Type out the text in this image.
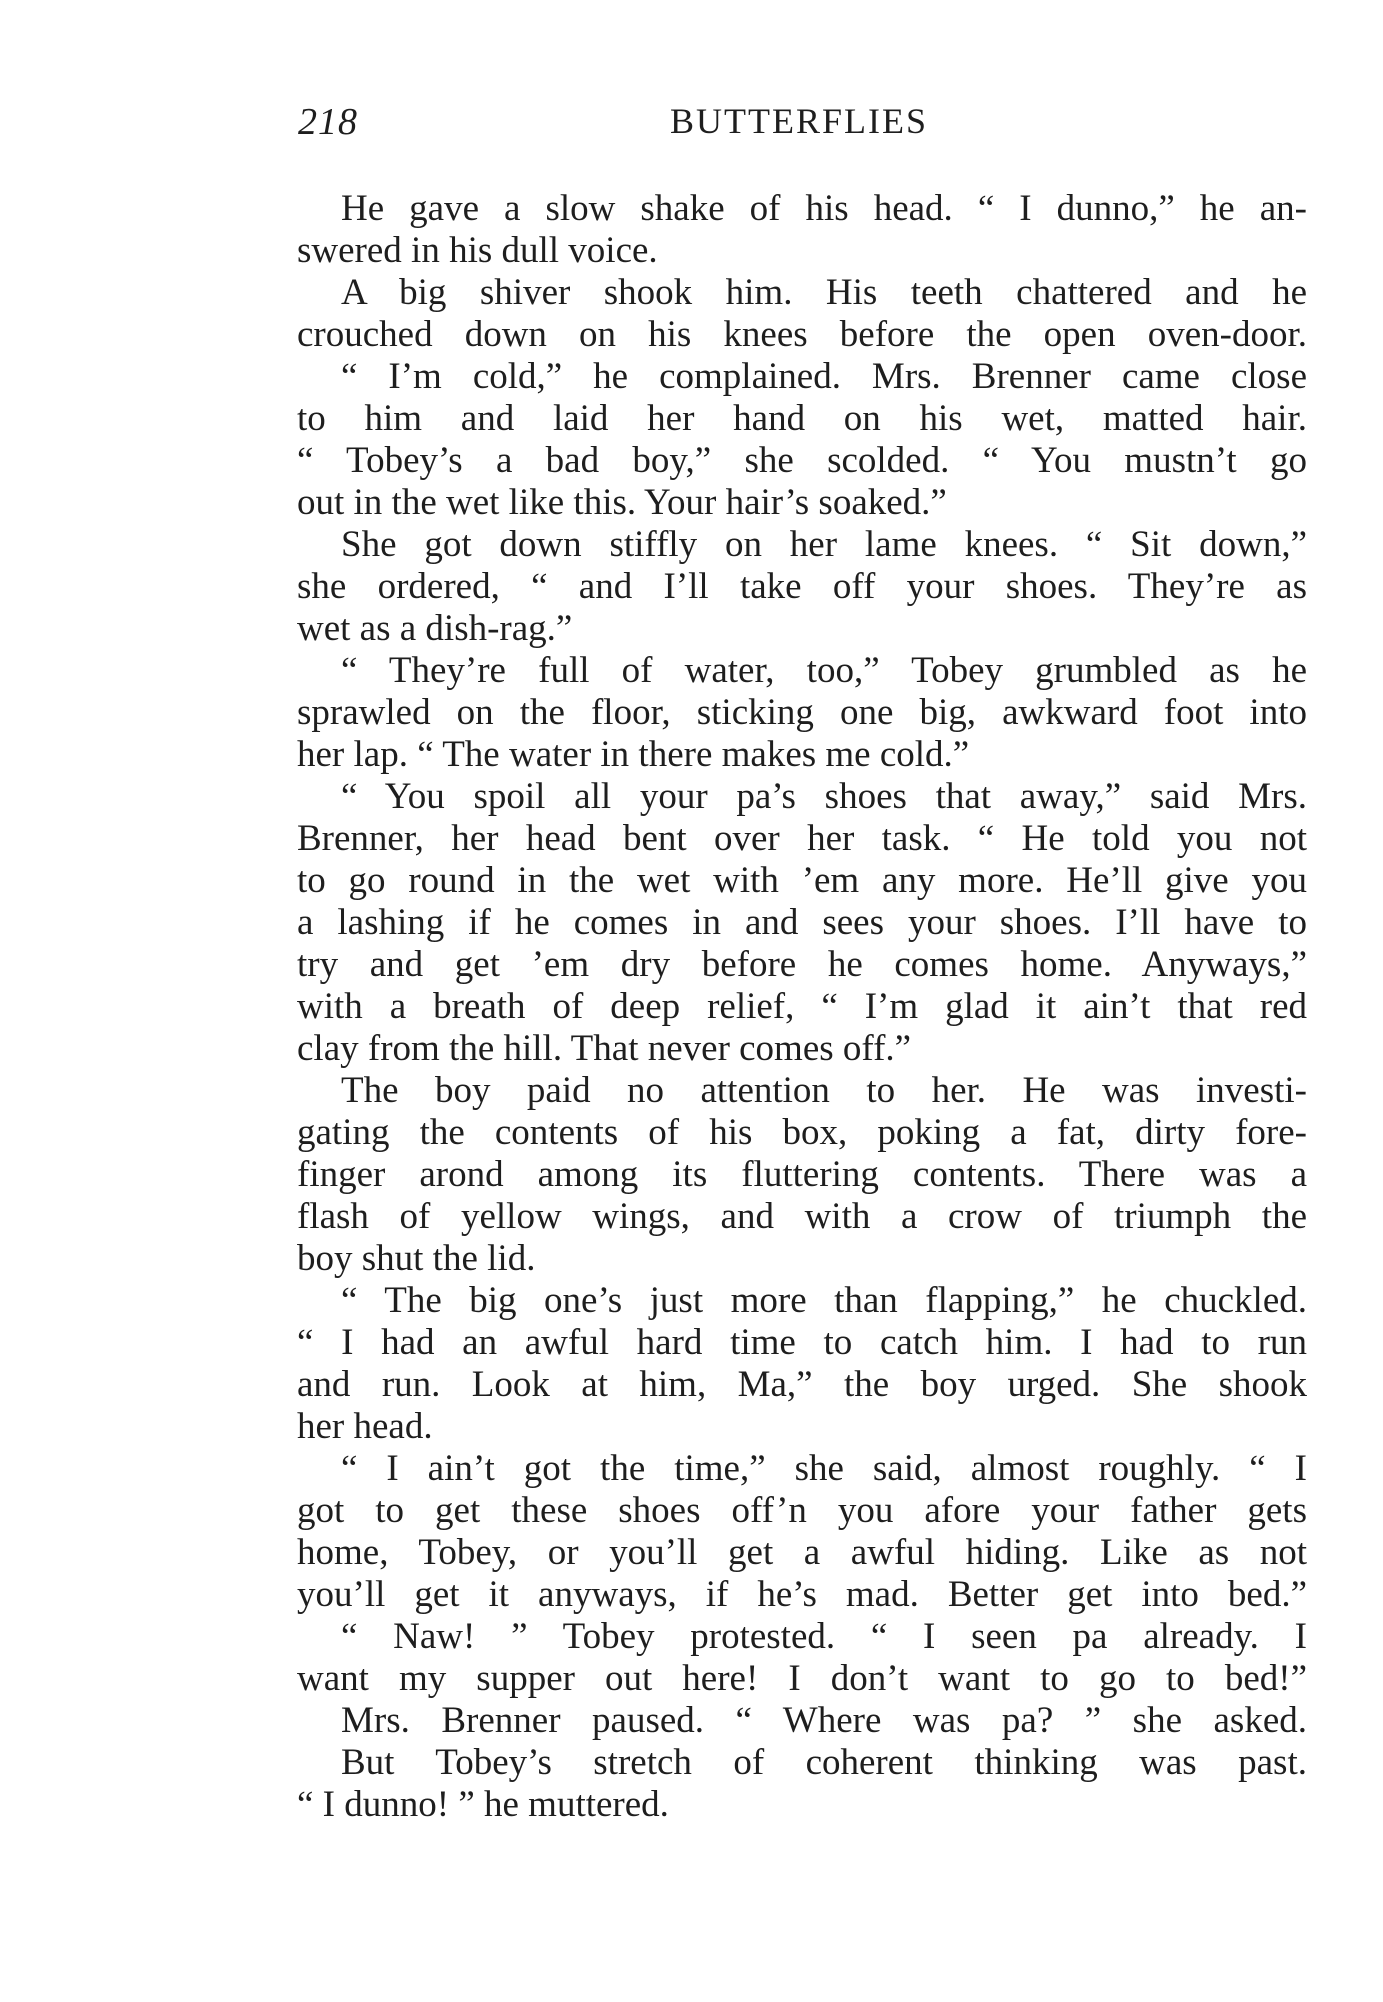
218	BUTTERFLIES
He gave a slow shake of his head. “ I dunno,” he an-
swered in his dull voice.
A big shiver shook him. His teeth chattered and he
crouched down on his knees before the open oven-door.
“ I’m cold,” he complained. Mrs. Brenner came close
to him and laid her hand on his wet, matted hair.
“ Tobey’s a bad boy,” she scolded. “ You mustn’t go
out in the wet like this. Your hair’s soaked.”
She got down stiffly on her lame knees. “ Sit down,”
she ordered, “ and I’ll take off your shoes. They’re as
wet as a dish-rag.”
“ They’re full of water, too,” Tobey grumbled as he
sprawled on the floor, sticking one big, awkward foot into
her lap. “ The water in there makes me cold.”
“ You spoil all your pa’s shoes that away,” said Mrs.
Brenner, her head bent over her task. “ He told you not
to go round in the wet with ’em any more. He’ll give you
a lashing if he comes in and sees your shoes. I’ll have to
try and get ’em dry before he comes home. Anyways,”
with a breath of deep relief, “ I’m glad it ain’t that red
clay from the hill. That never comes off.”
The boy paid no attention to her. He was investi-
gating the contents of his box, poking a fat, dirty fore-
finger arond among its fluttering contents. There was a
flash of yellow wings, and with a crow of triumph the
boy shut the lid.
“ The big one’s just more than flapping,” he chuckled.
“ I had an awful hard time to catch him. I had to run
and run. Look at him, Ma,” the boy urged. She shook
her head.
“ I ain’t got the time,” she said, almost roughly. “ I
got to get these shoes off’n you afore your father gets
home, Tobey, or you’ll get a awful hiding. Like as not
you’ll get it anyways, if he’s mad. Better get into bed.”
“ Naw! ” Tobey protested. “ I seen pa already. I
want my supper out here! I don’t want to go to bed!”
Mrs. Brenner paused. “ Where was pa? ” she asked.
But Tobey’s stretch of coherent thinking was past.
“ I dunno! ” he muttered.
